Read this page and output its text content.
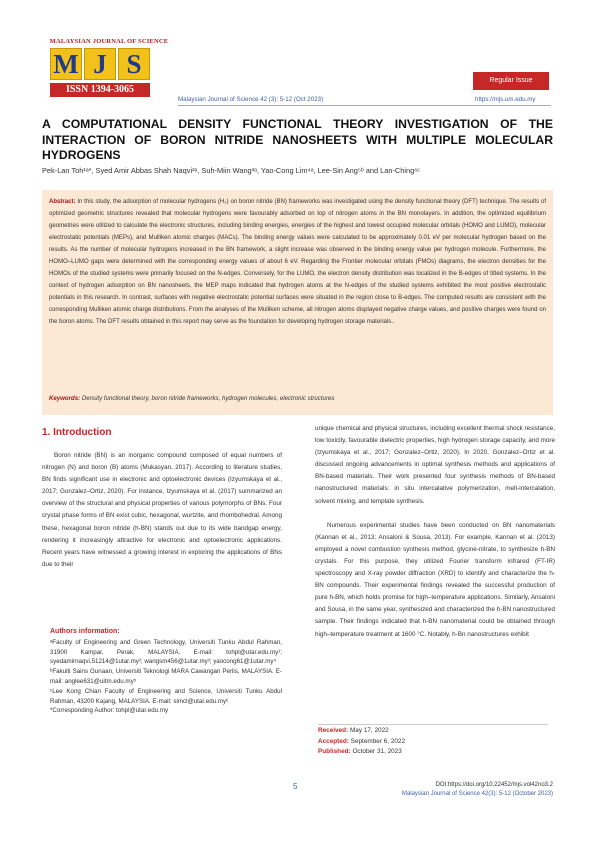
MALAYSIAN JOURNAL OF SCIENCE
M J S
ISSN 1394-3065
Regular Issue
Malaysian Journal of Science 42 (3): 5-12 (Oct 2023)	https://mjs.um.edu.my
A COMPUTATIONAL DENSITY FUNCTIONAL THEORY INVESTIGATION OF THE INTERACTION OF BORON NITRIDE NANOSHEETS WITH MULTIPLE MOLECULAR HYDROGENS
Pek-Lan Toh¹ᵃ*, Syed Amir Abbas Shah Naqvi²ᵃ, Suh-Miin Wang³ᵃ, Yao-Cong Lim⁴ᵃ, Lee-Sin Ang⁵ᵇ and Lan-Ching⁶ᶜ
Abstract: In this study, the adsorption of molecular hydrogens (H₂) on boron nitride (BN) frameworks was investigated using the density functional theory (DFT) technique. The results of optimized geometric structures revealed that molecular hydrogens were favourably adsorbed on top of nitrogen atoms in the BN monolayers. In addition, the optimized equilibrium geometries were utilized to calculate the electronic structures, including binding energies, energies of the highest and lowest occupied molecular orbitals (HOMO and LUMO), molecular electrostatic potentials (MEPs), and Mulliken atomic charges (MACs). The binding energy values were calculated to be approximately 0.01 eV per molecular hydrogen based on the results. As the number of molecular hydrogens increased in the BN framework, a slight increase was observed in the binding energy value per hydrogen molecule. Furthermore, the HOMO–LUMO gaps were determined with the corresponding energy values of about 6 eV. Regarding the Frontier molecular orbitals (FMOs) diagrams, the electron densities for the HOMOs of the studied systems were primarily focused on the N-edges. Conversely, for the LUMO, the electron density distribution was localized in the B-edges of titled systems. In the context of hydrogen adsorption on BN nanosheets, the MEP maps indicated that hydrogen atoms at the N-edges of the studied systems exhibited the most positive electrostatic potentials in this research. In contrast, surfaces with negative electrostatic potential surfaces were situated in the region close to B-edges. The computed results are consistent with the corresponding Mulliken atomic charge distributions. From the analyses of the Mulliken scheme, all nitrogen atoms displayed negative charge values, and positive charges were found on the boron atoms. The DFT results obtained in this report may serve as the foundation for developing hydrogen storage materials..
Keywords: Density functional theory, boron nitride frameworks, hydrogen molecules, electronic structures
1. Introduction

Boron nitride (BN) is an inorganic compound composed of equal numbers of nitrogen (N) and boron (B) atoms (Mukasyan, 2017). According to literature studies, BN finds significant use in electronic and optoelectronic devices (Izyumskaya et al., 2017; Gonzalez–Ortiz, 2020). For instance, Izyumskaya et al. (2017) summarized an overview of the structural and physical properties of various polymorphs of BNs. Four crystal phase forms of BN exist cubic, hexagonal, wurtzite, and rhombohedral. Among these, hexagonal boron nitride (h-BN) stands out due to its wide bandgap energy, rendering it increasingly attractive for electronic and optoelectronic applications. Recent years have witnessed a growing interest in exploring the applications of BNs due to their

unique chemical and physical structures, including excellent thermal shock resistance, low toxicity, favourable dielectric properties, high hydrogen storage capacity, and more (Izyumskaya et al., 2017; Gonzalez–Ortiz, 2020). In 2020, Gonzalez–Ortiz et al. discussed ongoing advancements in optimal synthesis methods and applications of BN-based materials. Their work presented four synthesis methods of BN-based nanostructured materials: in situ intercalative polymerization, melt-intercalation, solvent mixing, and template synthesis.

Numerous experimental studies have been conducted on BN nanomaterials (Kannan et al., 2013; Ansaloni & Sousa, 2013). For example, Kannan et al. (2013) employed a novel combustion synthesis method, glycine-nitrate, to synthesize h-BN crystals. For this purpose, they utilized Fourier transform infrared (FT-IR) spectroscopy and X-ray powder diffraction (XRD) to identify and characterize the h-BN compounds. Their experimental findings revealed the successful production of pure h-BN, which holds promise for high–temperature applications. Similarly, Ansaloni and Sousa, in the same year, synthesized and characterized the h-BN nanostructured sample. Their findings indicated that h-BN nanomaterial could be obtained through high–temperature treatment at 1600 °C. Notably, h-Bn nanostructures exhibit

Authors information:

ᵃFaculty of Engineering and Green Technology, Universiti Tunku Abdul Rahman, 31900 Kampar, Perak, MALAYSIA. E-mail: tohpl@utar.edu.my¹; syedamirnaqvi.51214@1utar.my²; wangsm456@1utar.my³; yaocong61@1utar.my⁴

ᵇFakulti Sains Gunaan, Universiti Teknologi MARA Cawangan Perlis, MALAYSIA. E-mail: anglee631@uitm.edu.my⁵

ᶜLee Kong Chian Faculty of Engineering and Science, Universiti Tunku Abdul Rahman, 43200 Kajang, MALAYSIA. E-mail: simcl@utar.edu.my⁶

*Corresponding Author: tohpl@utar.edu.my

Received: May 17, 2022
Accepted: September 6, 2022
Published: October 31, 2023
5	DOI:https://doi.org/10.22452/mjs.vol42no3.2
Malaysian Journal of Science 42(3): 5-12 (October 2023)
